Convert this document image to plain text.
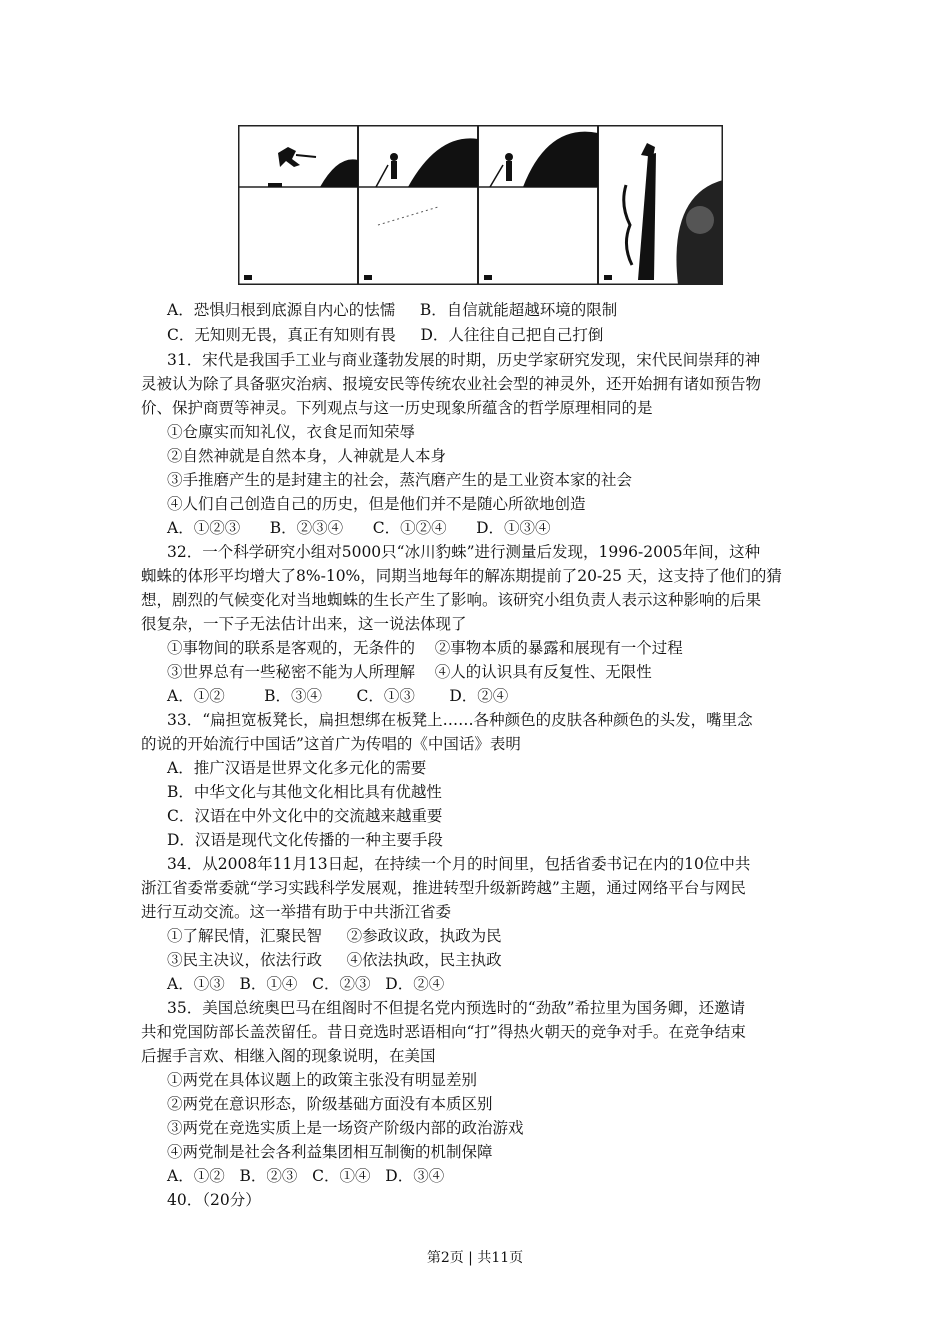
A．恐惧归根到底源自内心的怯懦     B．自信就能超越环境的限制
C．无知则无畏，真正有知则有畏     D．人往往自己把自己打倒
31．宋代是我国手工业与商业蓬勃发展的时期，历史学家研究发现，宋代民间崇拜的神
灵被认为除了具备驱灾治病、报境安民等传统农业社会型的神灵外，还开始拥有诸如预告物
价、保护商贾等神灵。下列观点与这一历史现象所蕴含的哲学原理相同的是
①仓廪实而知礼仪，衣食足而知荣辱
②自然神就是自然本身，人神就是人本身
③手推磨产生的是封建主的社会，蒸汽磨产生的是工业资本家的社会
④人们自己创造自己的历史，但是他们并不是随心所欲地创造
A．①②③      B．②③④      C．①②④      D．①③④
32．一个科学研究小组对5000只“冰川豹蛛”进行测量后发现，1996-2005年间，这种
蜘蛛的体形平均增大了8%-10%，同期当地每年的解冻期提前了20-25 天，这支持了他们的猜
想，剧烈的气候变化对当地蜘蛛的生长产生了影响。该研究小组负责人表示这种影响的后果
很复杂，一下子无法估计出来，这一说法体现了
①事物间的联系是客观的，无条件的    ②事物本质的暴露和展现有一个过程
③世界总有一些秘密不能为人所理解    ④人的认识具有反复性、无限性
A．①②        B．③④       C．①③       D．②④
33．“扁担宽板凳长，扁担想绑在板凳上……各种颜色的皮肤各种颜色的头发，嘴里念
的说的开始流行中国话”这首广为传唱的《中国话》表明
A．推广汉语是世界文化多元化的需要
B．中华文化与其他文化相比具有优越性
C．汉语在中外文化中的交流越来越重要
D．汉语是现代文化传播的一种主要手段
34．从2008年11月13日起，在持续一个月的时间里，包括省委书记在内的10位中共
浙江省委常委就“学习实践科学发展观，推进转型升级新跨越”主题，通过网络平台与网民
进行互动交流。这一举措有助于中共浙江省委
①了解民情，汇聚民智     ②参政议政，执政为民
③民主决议，依法行政     ④依法执政，民主执政
A．①③   B．①④   C．②③   D．②④
35．美国总统奥巴马在组阁时不但提名党内预选时的“劲敌”希拉里为国务卿，还邀请
共和党国防部长盖茨留任。昔日竞选时恶语相向“打”得热火朝天的竞争对手。在竞争结束
后握手言欢、相继入阁的现象说明，在美国
①两党在具体议题上的政策主张没有明显差别
②两党在意识形态，阶级基础方面没有本质区别
③两党在竞选实质上是一场资产阶级内部的政治游戏
④两党制是社会各利益集团相互制衡的机制保障
A．①②   B．②③   C．①④   D．③④
40．（20分）
第2页 | 共11页
